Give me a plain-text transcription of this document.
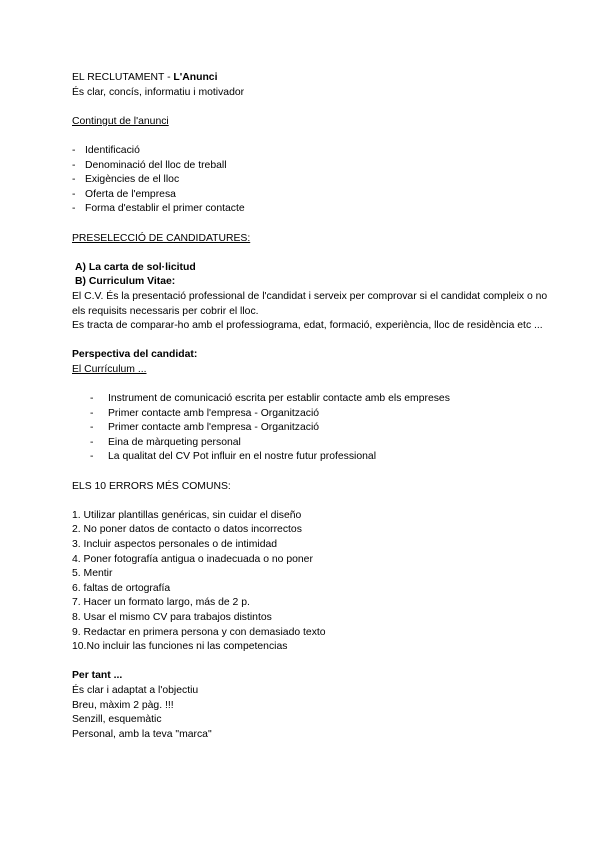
EL RECLUTAMENT - L'Anunci
És clar, concís, informatiu i motivador
Contingut de l'anunci
- Identificació
- Denominació del lloc de treball
- Exigències de el lloc
- Oferta de l'empresa
- Forma d'establir el primer contacte
PRESELECCIÓ DE CANDIDATURES:
A) La carta de sol·licitud
B) Curriculum Vitae:
El C.V. És la presentació professional de l'candidat i serveix per comprovar si el candidat compleix o no els requisits necessaris per cobrir el lloc.
Es tracta de comparar-ho amb el professiograma, edat, formació, experiència, lloc de residència etc ...
Perspectiva del candidat:
El Currículum ...
-	Instrument de comunicació escrita per establir contacte amb els empreses
-	Primer contacte amb l'empresa - Organització
-	Primer contacte amb l'empresa - Organització
-	Eina de màrqueting personal
-	La qualitat del CV Pot influir en el nostre futur professional
ELS 10 ERRORS MÉS COMUNS:
1. Utilizar plantillas genéricas, sin cuidar el diseño
2. No poner datos de contacto o datos incorrectos
3. Incluir aspectos personales o de intimidad
4. Poner fotografía antigua o inadecuada o no poner
5. Mentir
6. faltas de ortografía
7. Hacer un formato largo, más de 2 p.
8. Usar el mismo CV para trabajos distintos
9. Redactar en primera persona y con demasiado texto
10.No incluir las funciones ni las competencias
Per tant ...
És clar i adaptat a l'objectiu
Breu, màxim 2 pàg. !!!
Senzill, esquemàtic
Personal, amb la teva "marca"
